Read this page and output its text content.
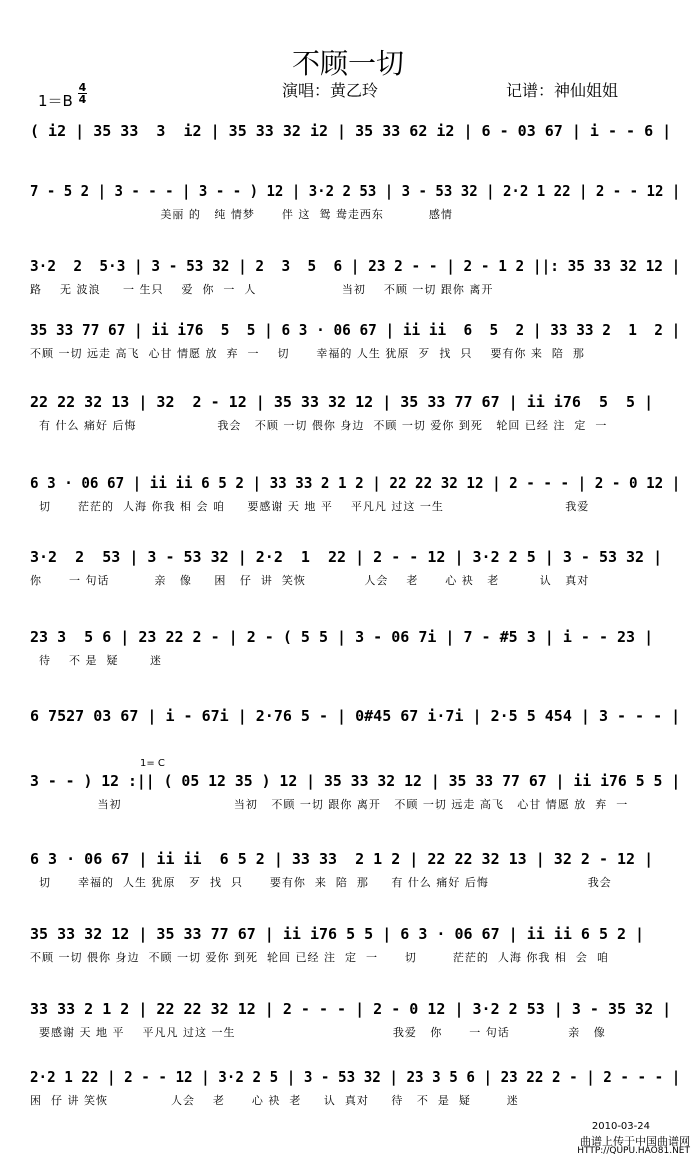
不顾一切
演唱：黄乙玲	记谱：神仙姐姐
1＝B
4
4
( i2 | 35 33  3  i2 | 35 33 32 i2 | 35 33 62 i2 | 6 - 03 67 | i - - 6 |
7 - 5 2 | 3 - - - | 3 - - ) 12 | 3·2 2 53 | 3 - 53 32 | 2·2 1 22 | 2 - - 12 |
美丽 的   纯 情梦      伴 这  鸳 鸯走西东          感情
3·2  2  5·3 | 3 - 53 32 | 2  3  5  6 | 23 2 - - | 2 - 1 2 ||: 35 33 32 12 |
路    无 波浪     一 生只    爱  你  一  人                   当初    不顾 一切 跟你 离开
35 33 77 67 | ii i76  5  5 | 6 3 · 06 67 | ii ii  6  5  2 | 33 33 2  1  2 |
不顾 一切 远走 高飞  心甘 情愿 放  弃  一    切      幸福的 人生 犹原  歹  找  只    要有你 来  陪  那
22 22 32 13 | 32  2 - 12 | 35 33 32 12 | 35 33 77 67 | ii i76  5  5 |
有 什么 痛好 后悔                  我会   不顾 一切 偎你 身边  不顾 一切 爱你 到死   轮回 已经 注  定  一
6 3 · 06 67 | ii ii 6 5 2 | 33 33 2 1 2 | 22 22 32 12 | 2 - - - | 2 - 0 12 |
切      茫茫的  人海 你我 相 会 咱     要感谢 天 地 平    平凡凡 过这 一生                           我爱
3·2  2  53 | 3 - 53 32 | 2·2  1  22 | 2 - - 12 | 3·2 2 5 | 3 - 53 32 |
你      一 句话          亲   像     困   仔  讲  笑恢             人会    老      心 袂   老         认   真对
23 3  5 6 | 23 22 2 - | 2 - ( 5 5 | 3 - 06 7i | 7 - #5 3 | i - - 23 |
待    不 是  疑       迷
6 7527 03 67 | i - 67i | 2·76 5 - | 0#45 67 i·7i | 2·5 5 454 | 3 - - - |
3 - - ) 12 :|| ( 05 12 35 ) 12 | 35 33 32 12 | 35 33 77 67 | ii i76 5 5 |
当初                         当初   不顾 一切 跟你 离开   不顾 一切 远走 高飞   心甘 情愿 放  弃  一
1= C
6 3 · 06 67 | ii ii  6 5 2 | 33 33  2 1 2 | 22 22 32 13 | 32 2 - 12 |
切      幸福的  人生 犹原   歹  找  只      要有你  来  陪  那     有 什么 痛好 后悔                      我会
35 33 32 12 | 35 33 77 67 | ii i76 5 5 | 6 3 · 06 67 | ii ii 6 5 2 |
不顾 一切 偎你 身边  不顾 一切 爱你 到死  轮回 已经 注  定  一      切        茫茫的  人海 你我 相  会  咱
33 33 2 1 2 | 22 22 32 12 | 2 - - - | 2 - 0 12 | 3·2 2 53 | 3 - 35 32 |
要感谢 天 地 平    平凡凡 过这 一生                                   我爱   你      一 句话             亲   像
2·2 1 22 | 2 - - 12 | 3·2 2 5 | 3 - 53 32 | 23 3 5 6 | 23 22 2 - | 2 - - - |
困  仔 讲 笑恢              人会    老      心 袂  老     认  真对     待   不  是  疑        迷
2010-03-24
曲谱上传于中国曲谱网
HTTP://QUPU.HAO81.NET
